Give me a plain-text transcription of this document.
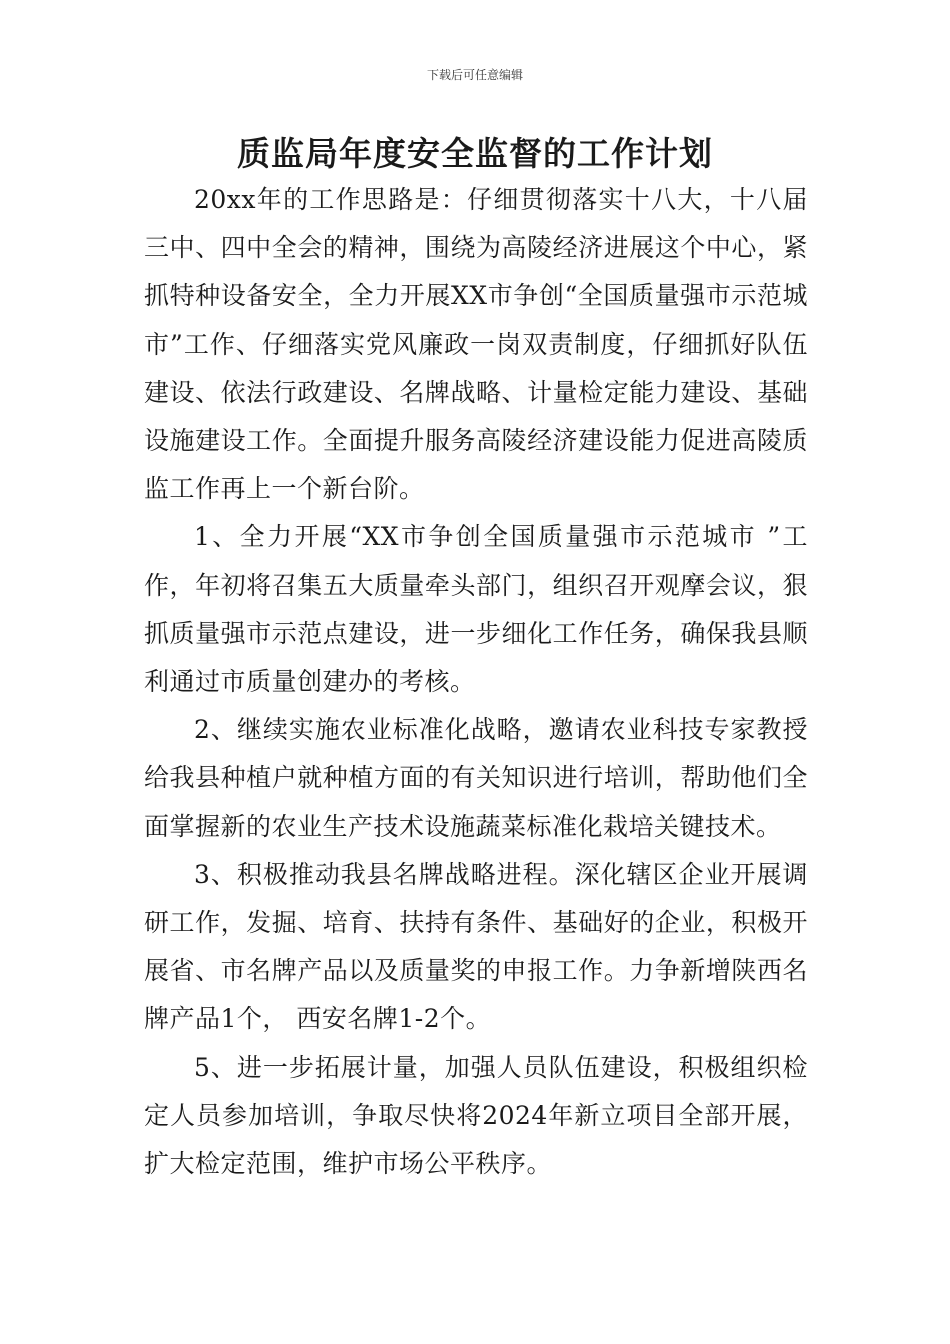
下载后可任意编辑
质监局年度安全监督的工作计划

20xx年的工作思路是：仔细贯彻落实十八大，十八届三中、四中全会的精神，围绕为高陵经济进展这个中心，紧抓特种设备安全，全力开展XX市争创“全国质量强市示范城市”工作、仔细落实党风廉政一岗双责制度，仔细抓好队伍建设、依法行政建设、名牌战略、计量检定能力建设、基础设施建设工作。全面提升服务高陵经济建设能力促进高陵质监工作再上一个新台阶。

1、全力开展“XX市争创全国质量强市示范城市 ”工作，年初将召集五大质量牵头部门，组织召开观摩会议，狠抓质量强市示范点建设，进一步细化工作任务，确保我县顺利通过市质量创建办的考核。

2、继续实施农业标准化战略，邀请农业科技专家教授给我县种植户就种植方面的有关知识进行培训，帮助他们全面掌握新的农业生产技术设施蔬菜标准化栽培关键技术。

3、积极推动我县名牌战略进程。深化辖区企业开展调研工作，发掘、培育、扶持有条件、基础好的企业，积极开展省、市名牌产品以及质量奖的申报工作。力争新增陕西名牌产品1个， 西安名牌1-2个。

5、进一步拓展计量，加强人员队伍建设，积极组织检定人员参加培训，争取尽快将2024年新立项目全部开展，扩大检定范围，维护市场公平秩序。
